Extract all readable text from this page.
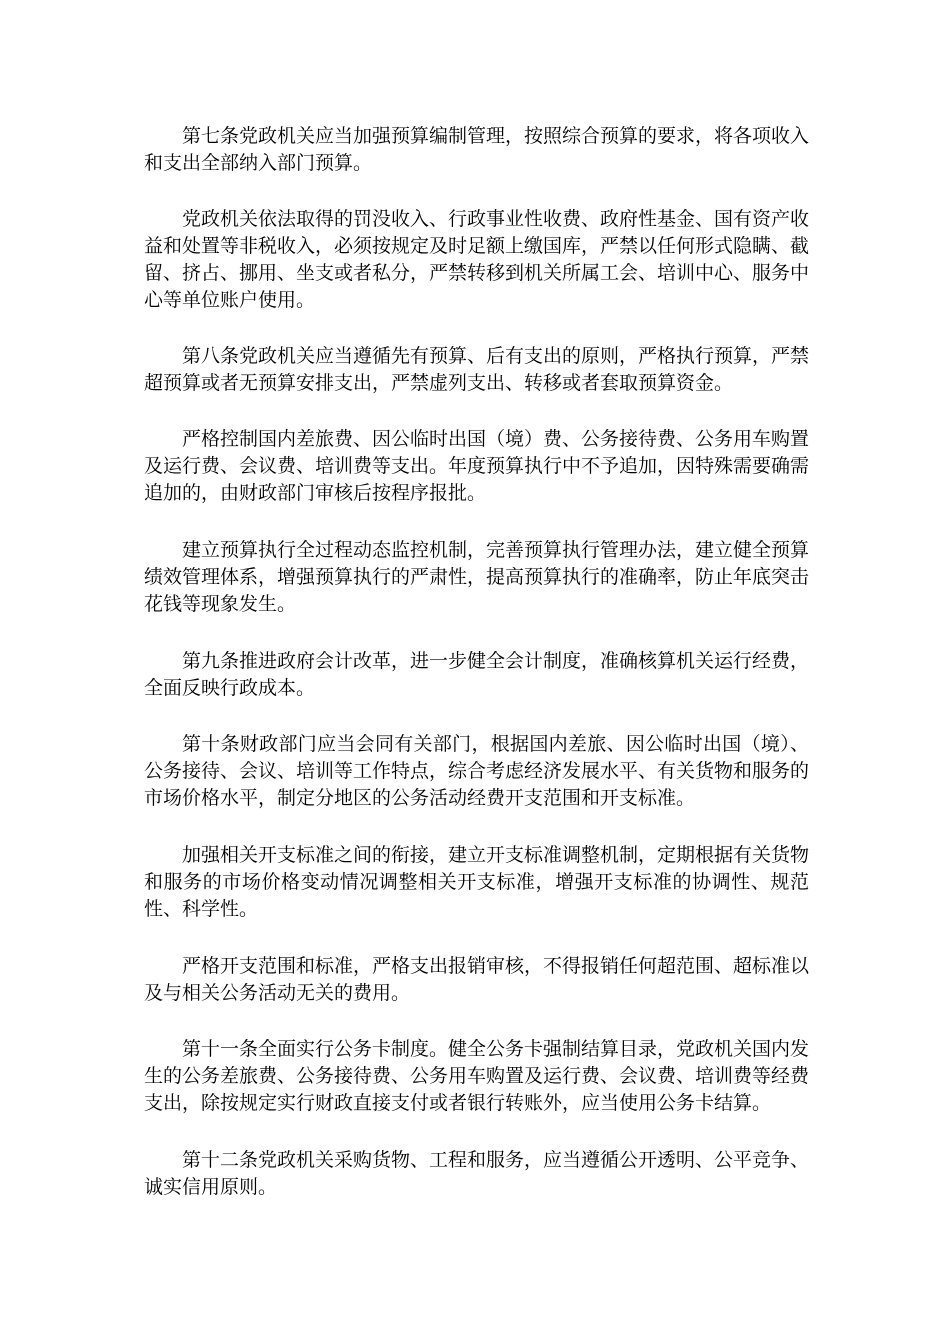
第七条党政机关应当加强预算编制管理，按照综合预算的要求，将各项收入和支出全部纳入部门预算。

党政机关依法取得的罚没收入、行政事业性收费、政府性基金、国有资产收益和处置等非税收入，必须按规定及时足额上缴国库，严禁以任何形式隐瞒、截留、挤占、挪用、坐支或者私分，严禁转移到机关所属工会、培训中心、服务中心等单位账户使用。

第八条党政机关应当遵循先有预算、后有支出的原则，严格执行预算，严禁超预算或者无预算安排支出，严禁虚列支出、转移或者套取预算资金。

严格控制国内差旅费、因公临时出国（境）费、公务接待费、公务用车购置及运行费、会议费、培训费等支出。年度预算执行中不予追加，因特殊需要确需追加的，由财政部门审核后按程序报批。

建立预算执行全过程动态监控机制，完善预算执行管理办法，建立健全预算绩效管理体系，增强预算执行的严肃性，提高预算执行的准确率，防止年底突击花钱等现象发生。

第九条推进政府会计改革，进一步健全会计制度，准确核算机关运行经费，全面反映行政成本。

第十条财政部门应当会同有关部门，根据国内差旅、因公临时出国（境）、公务接待、会议、培训等工作特点，综合考虑经济发展水平、有关货物和服务的市场价格水平，制定分地区的公务活动经费开支范围和开支标准。

加强相关开支标准之间的衔接，建立开支标准调整机制，定期根据有关货物和服务的市场价格变动情况调整相关开支标准，增强开支标准的协调性、规范性、科学性。

严格开支范围和标准，严格支出报销审核，不得报销任何超范围、超标准以及与相关公务活动无关的费用。

第十一条全面实行公务卡制度。健全公务卡强制结算目录，党政机关国内发生的公务差旅费、公务接待费、公务用车购置及运行费、会议费、培训费等经费支出，除按规定实行财政直接支付或者银行转账外，应当使用公务卡结算。

第十二条党政机关采购货物、工程和服务，应当遵循公开透明、公平竞争、诚实信用原则。
